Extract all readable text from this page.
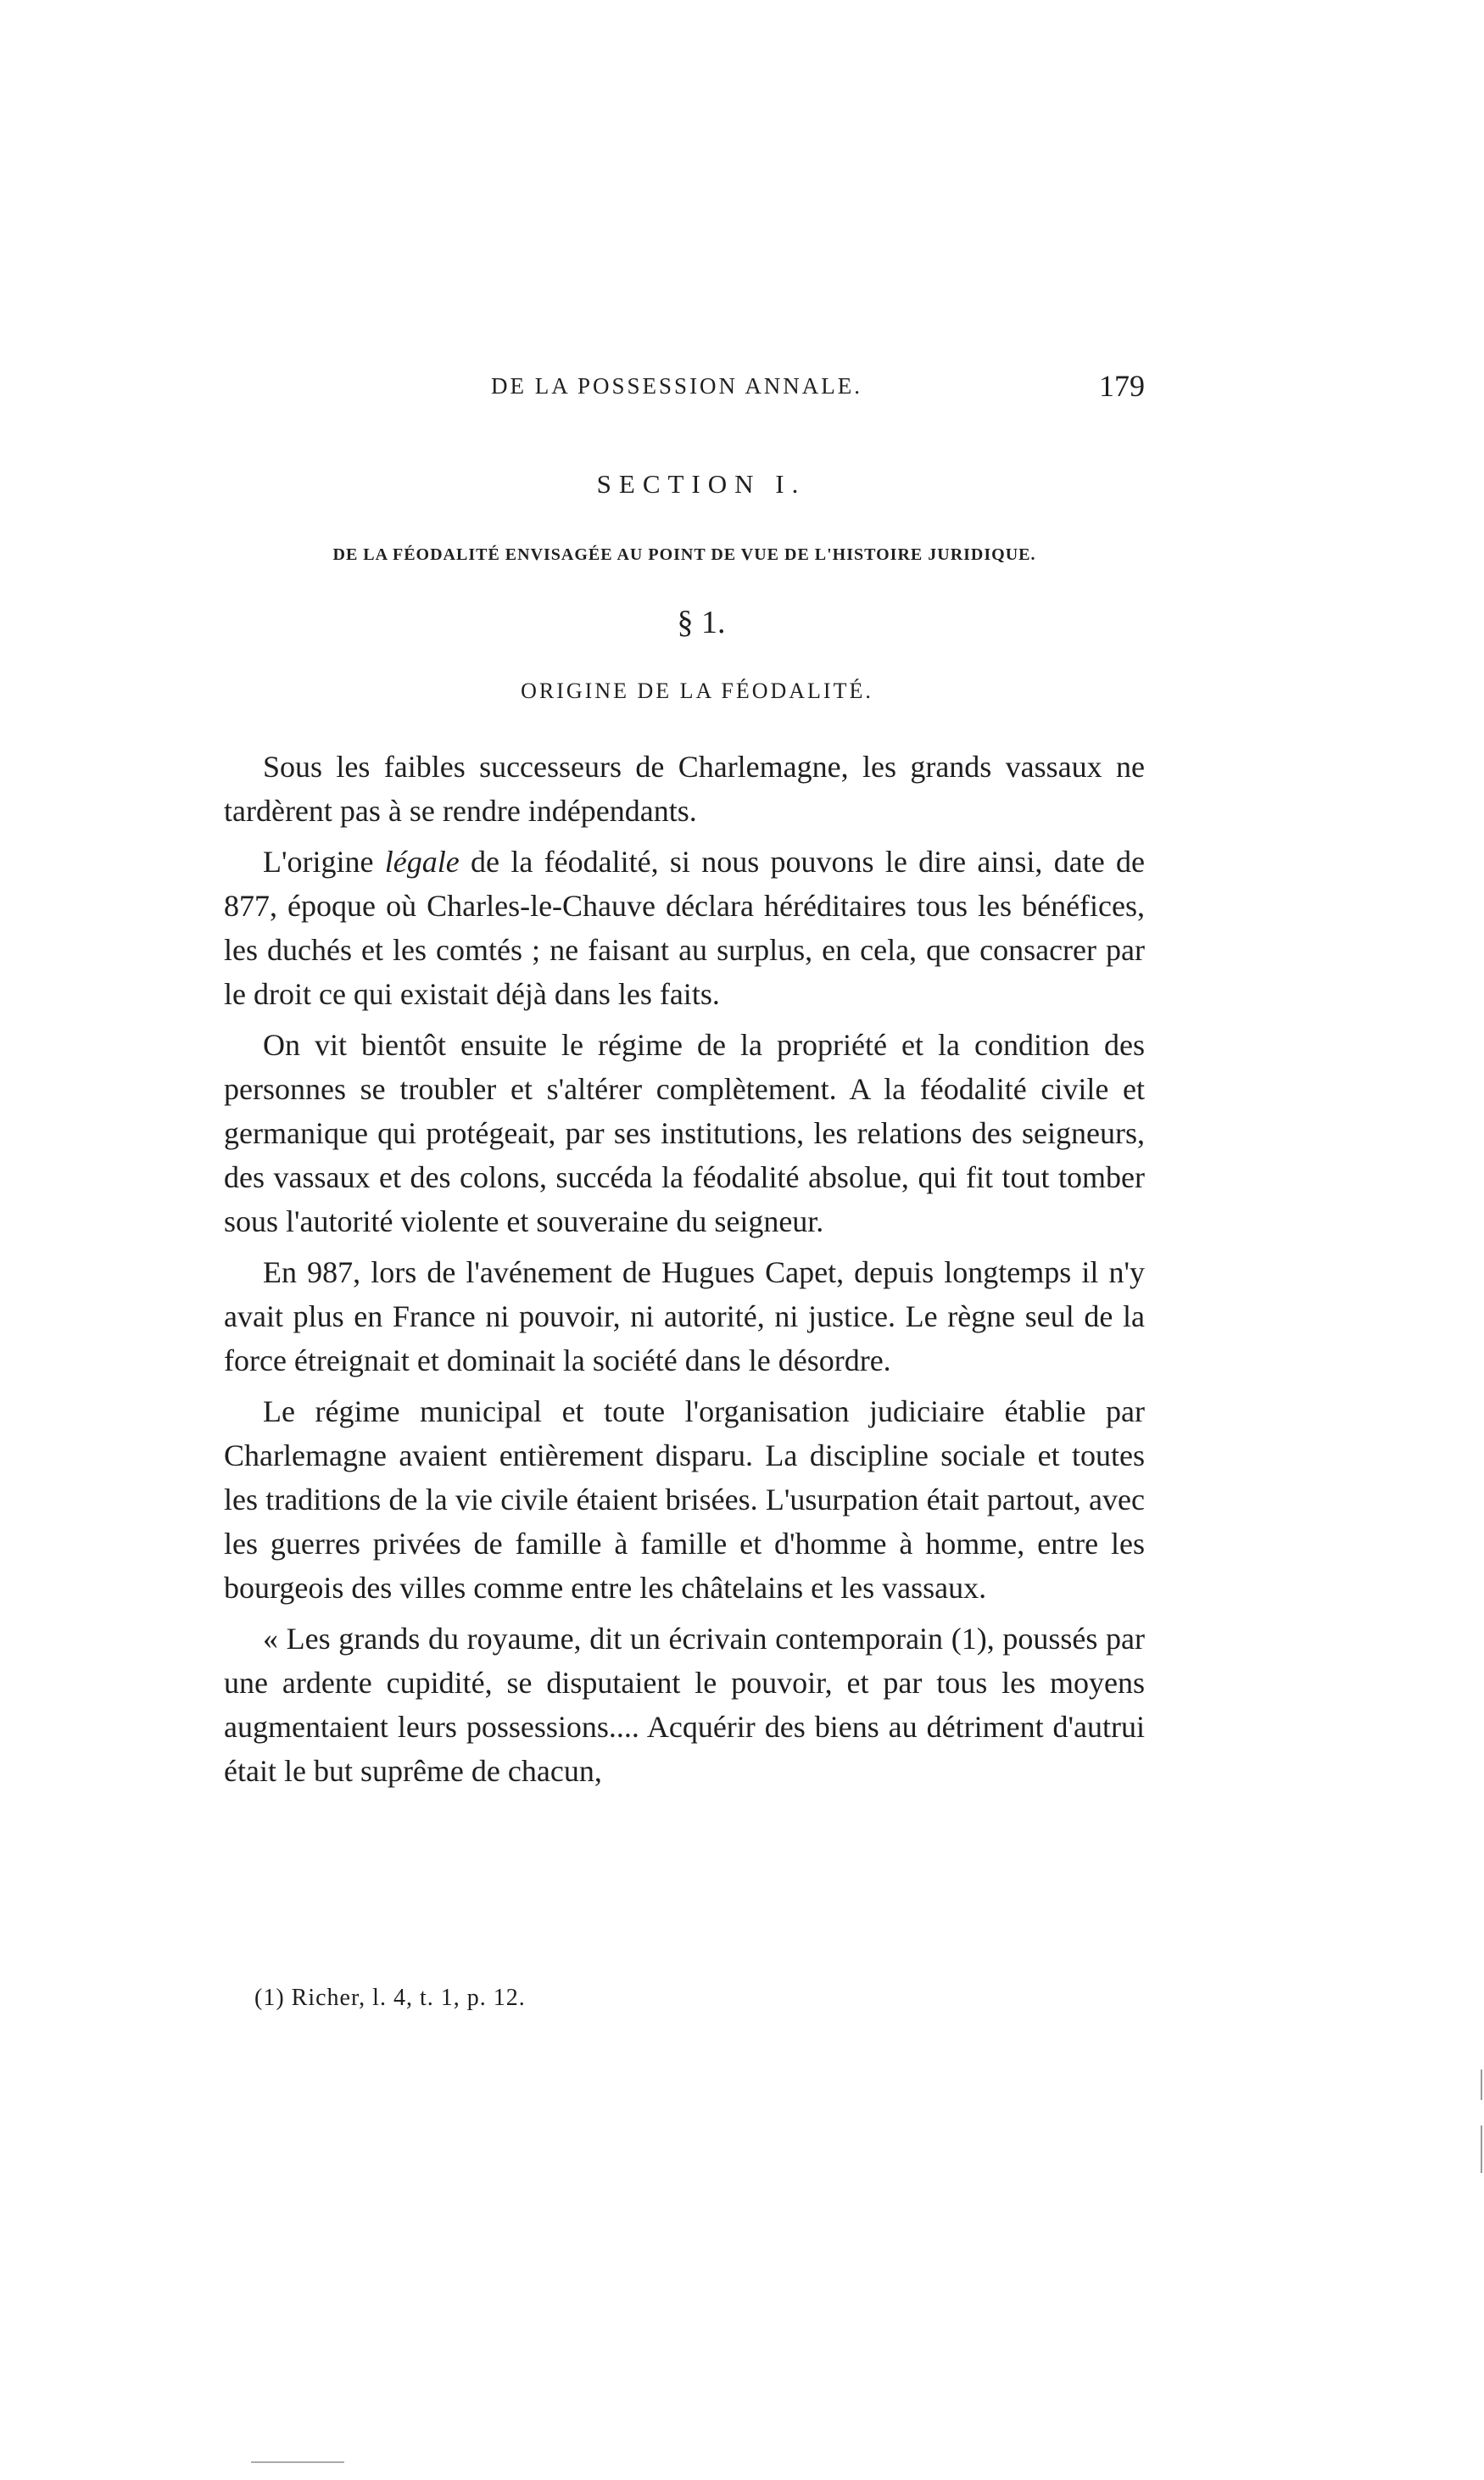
DE LA POSSESSION ANNALE.	179
SECTION I.
DE LA FÉODALITÉ ENVISAGÉE AU POINT DE VUE DE L'HISTOIRE JURIDIQUE.
§ 1.
ORIGINE DE LA FÉODALITÉ.

Sous les faibles successeurs de Charlemagne, les grands vassaux ne tardèrent pas à se rendre indépendants.

L'origine légale de la féodalité, si nous pouvons le dire ainsi, date de 877, époque où Charles-le-Chauve déclara héréditaires tous les bénéfices, les duchés et les comtés ; ne faisant au surplus, en cela, que consacrer par le droit ce qui existait déjà dans les faits.

On vit bientôt ensuite le régime de la propriété et la condition des personnes se troubler et s'altérer complètement. A la féodalité civile et germanique qui protégeait, par ses institutions, les relations des seigneurs, des vassaux et des colons, succéda la féodalité absolue, qui fit tout tomber sous l'autorité violente et souveraine du seigneur.

En 987, lors de l'avénement de Hugues Capet, depuis longtemps il n'y avait plus en France ni pouvoir, ni autorité, ni justice. Le règne seul de la force étreignait et dominait la société dans le désordre.

Le régime municipal et toute l'organisation judiciaire établie par Charlemagne avaient entièrement disparu. La discipline sociale et toutes les traditions de la vie civile étaient brisées. L'usurpation était partout, avec les guerres privées de famille à famille et d'homme à homme, entre les bourgeois des villes comme entre les châtelains et les vassaux.

« Les grands du royaume, dit un écrivain contemporain (1), poussés par une ardente cupidité, se disputaient le pouvoir, et par tous les moyens augmentaient leurs possessions.... Acquérir des biens au détriment d'autrui était le but suprême de chacun,

(1) Richer, l. 4, t. 1, p. 12.
